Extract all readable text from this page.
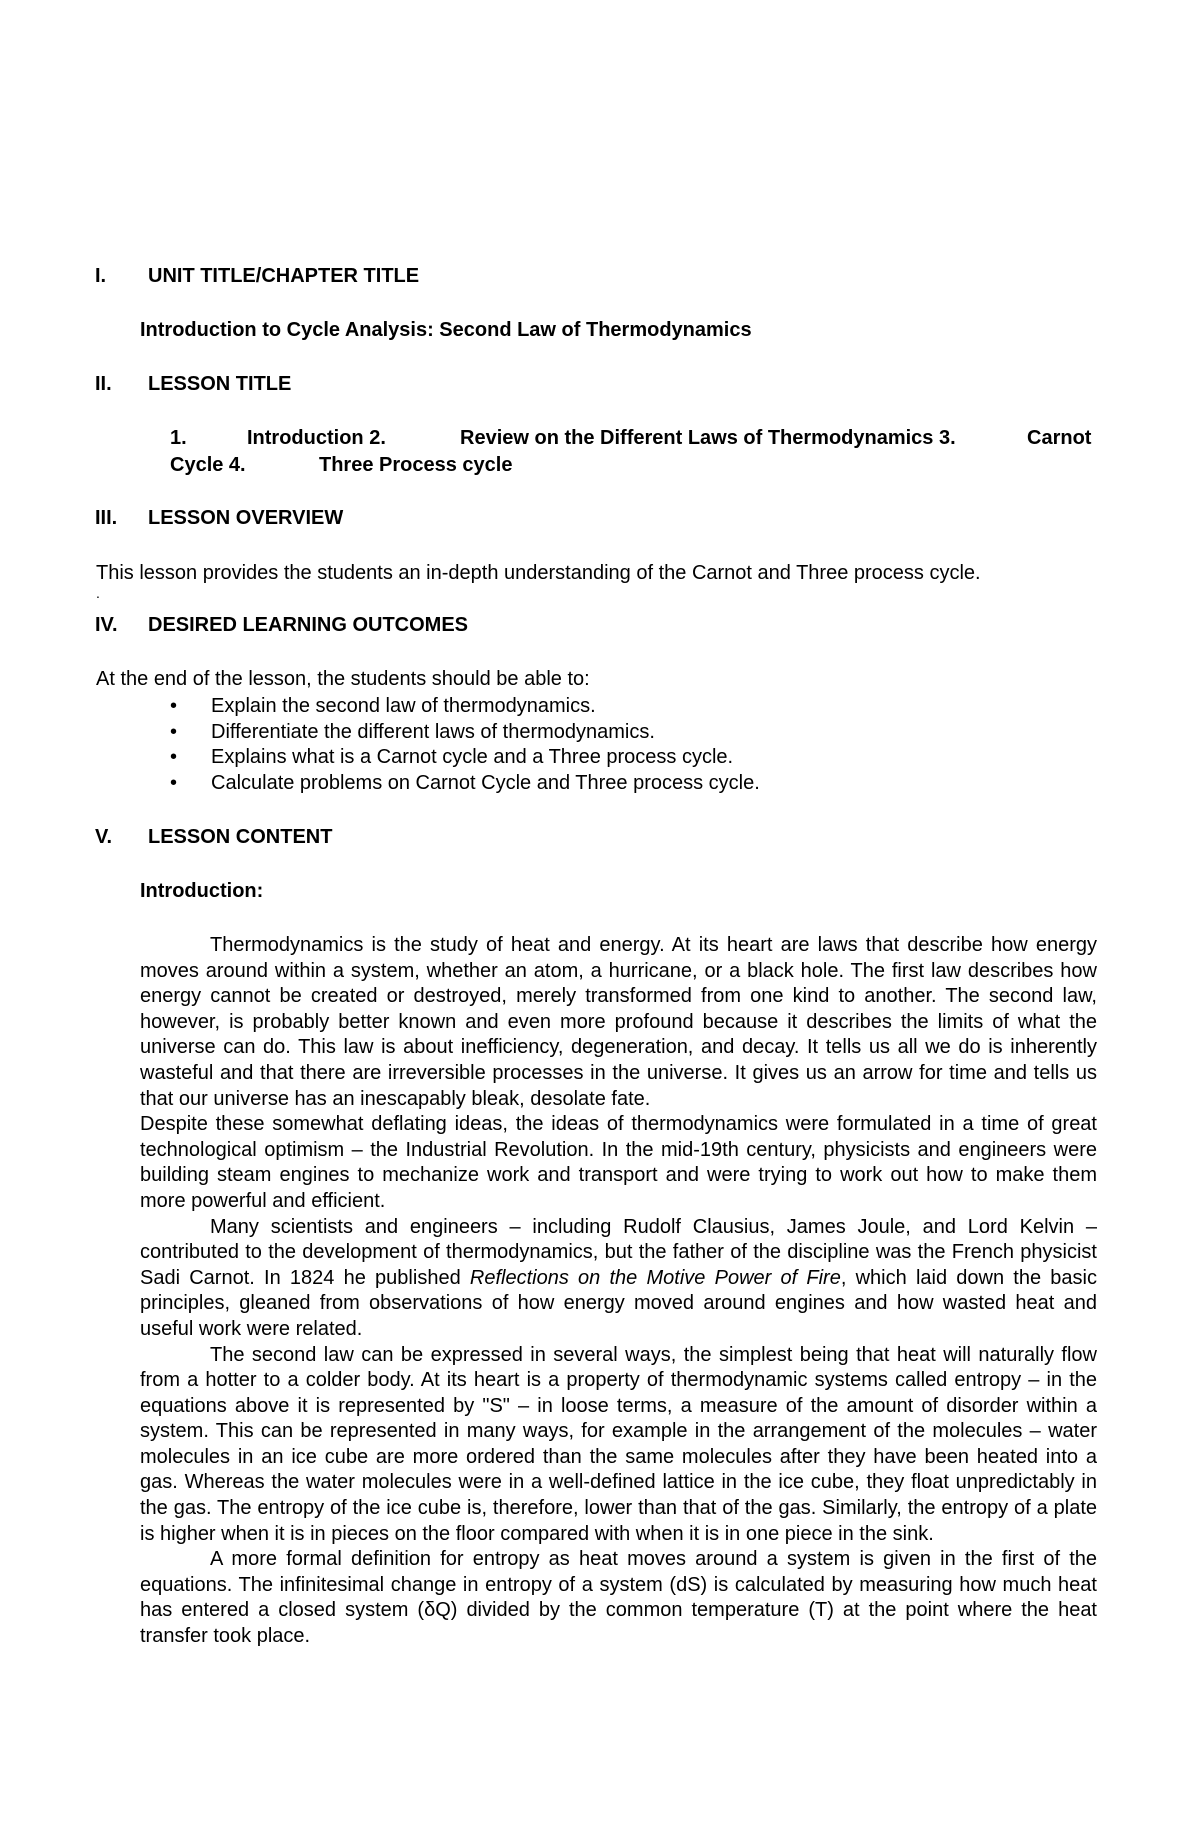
I. UNIT TITLE/CHAPTER TITLE
Introduction to Cycle Analysis: Second Law of Thermodynamics
II. LESSON TITLE
1.	Introduction 2.	Review on the Different Laws of Thermodynamics 3.	Carnot
Cycle 4.	Three Process cycle
III. LESSON OVERVIEW
This lesson provides the students an in-depth understanding of the Carnot and Three process cycle.
.
IV. DESIRED LEARNING OUTCOMES
At the end of the lesson, the students should be able to:
• Explain the second law of thermodynamics.
• Differentiate the different laws of thermodynamics.
• Explains what is a Carnot cycle and a Three process cycle.
• Calculate problems on Carnot Cycle and Three process cycle.
V. LESSON CONTENT
Introduction:

Thermodynamics is the study of heat and energy. At its heart are laws that describe how energy moves around within a system, whether an atom, a hurricane, or a black hole. The first law describes how energy cannot be created or destroyed, merely transformed from one kind to another. The second law, however, is probably better known and even more profound because it describes the limits of what the universe can do. This law is about inefficiency, degeneration, and decay. It tells us all we do is inherently wasteful and that there are irreversible processes in the universe. It gives us an arrow for time and tells us that our universe has an inescapably bleak, desolate fate.

Despite these somewhat deflating ideas, the ideas of thermodynamics were formulated in a time of great technological optimism – the Industrial Revolution. In the mid-19th century, physicists and engineers were building steam engines to mechanize work and transport and were trying to work out how to make them more powerful and efficient.

Many scientists and engineers – including Rudolf Clausius, James Joule, and Lord Kelvin – contributed to the development of thermodynamics, but the father of the discipline was the French physicist Sadi Carnot. In 1824 he published Reflections on the Motive Power of Fire, which laid down the basic principles, gleaned from observations of how energy moved around engines and how wasted heat and useful work were related.

The second law can be expressed in several ways, the simplest being that heat will naturally flow from a hotter to a colder body. At its heart is a property of thermodynamic systems called entropy – in the equations above it is represented by "S" – in loose terms, a measure of the amount of disorder within a system. This can be represented in many ways, for example in the arrangement of the molecules – water molecules in an ice cube are more ordered than the same molecules after they have been heated into a gas. Whereas the water molecules were in a well-defined lattice in the ice cube, they float unpredictably in the gas. The entropy of the ice cube is, therefore, lower than that of the gas. Similarly, the entropy of a plate is higher when it is in pieces on the floor compared with when it is in one piece in the sink.

A more formal definition for entropy as heat moves around a system is given in the first of the equations. The infinitesimal change in entropy of a system (dS) is calculated by measuring how much heat has entered a closed system (δQ) divided by the common temperature (T) at the point where the heat transfer took place.
